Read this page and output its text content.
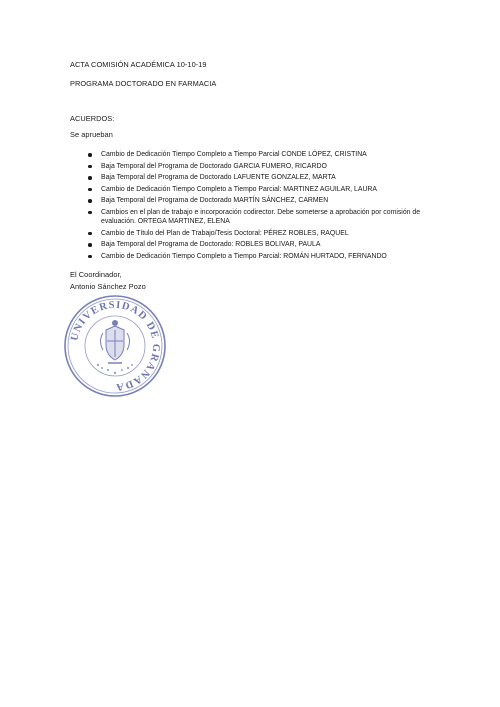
ACTA COMISIÓN ACADÉMICA 10-10-19
PROGRAMA DOCTORADO EN FARMACIA
ACUERDOS:
Se aprueban
Cambio de Dedicación Tiempo Completo a Tiempo Parcial CONDE LÓPEZ, CRISTINA
Baja Temporal del Programa de Doctorado GARCIA FUMERO, RICARDO
Baja Temporal del Programa de Doctorado LAFUENTE GONZALEZ, MARTA
Cambio de Dedicación Tiempo Completo a Tiempo Parcial: MARTINEZ AGUILAR, LAURA
Baja Temporal del Programa de Doctorado MARTÍN SÁNCHEZ, CARMEN
Cambios en el plan de trabajo e incorporación codirector. Debe someterse a aprobación por comisión de evaluación. ORTEGA MARTINEZ, ELENA
Cambio de Título del Plan de Trabajo/Tesis Doctoral: PÉREZ ROBLES, RAQUEL
Baja Temporal del Programa de Doctorado: ROBLES BOLIVAR, PAULA
Cambio de Dedicación Tiempo Completo a Tiempo Parcial: ROMÁN HURTADO, FERNANDO
El Coordinador,
Antonio Sánchez Pozo
UNIVERSIDAD DE GRANADA
